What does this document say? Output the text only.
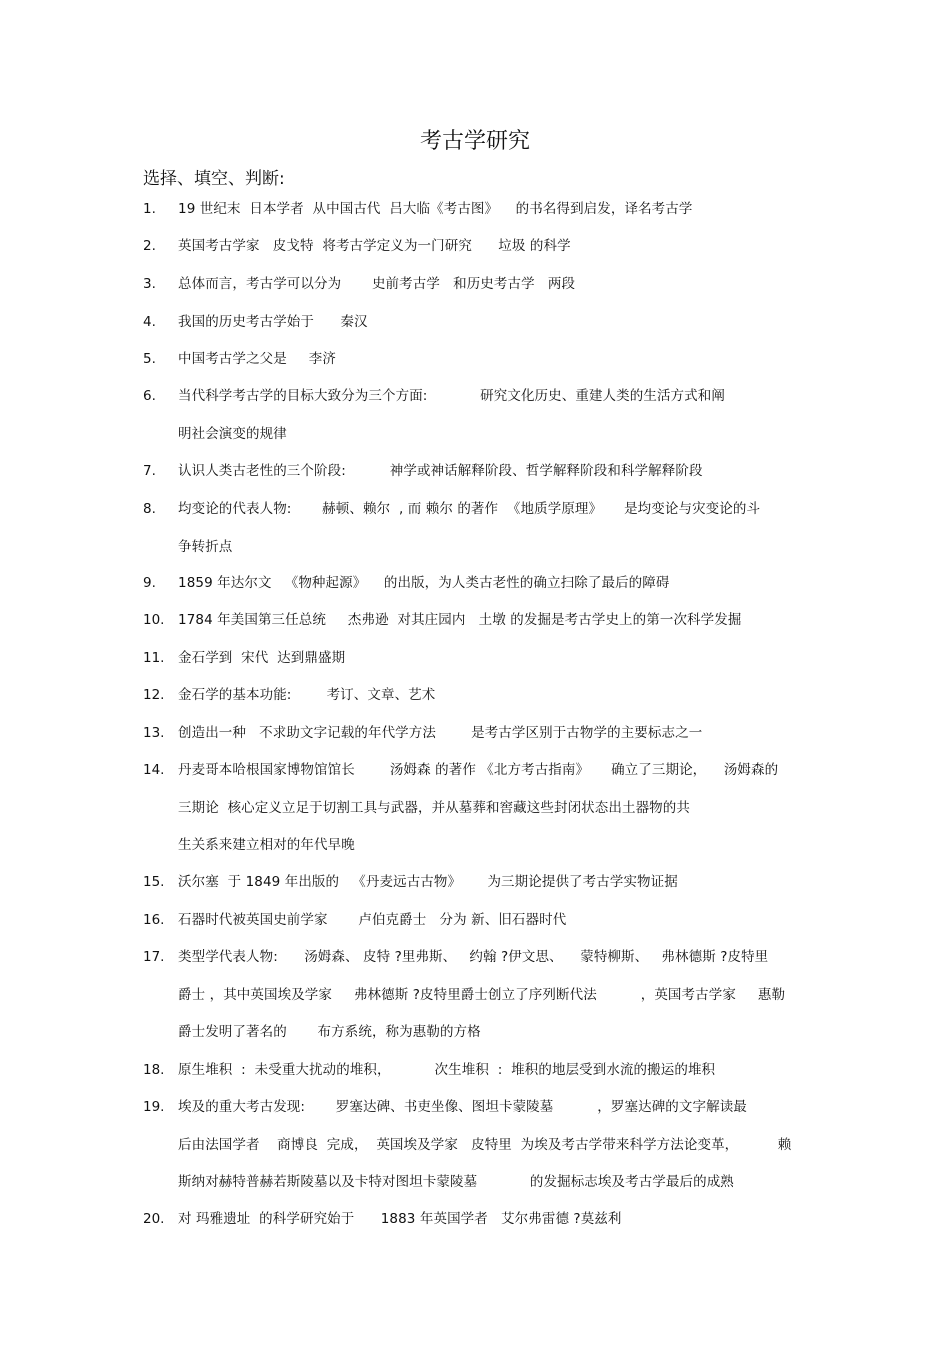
考古学研究
选择、填空、判断:
1.	19 世纪末  日本学者  从中国古代  吕大临《考古图》    的书名得到启发，译名考古学
2.	英国考古学家   皮戈特  将考古学定义为一门研究      垃圾 的科学
3.	总体而言，考古学可以分为       史前考古学   和历史考古学   两段
4.	我国的历史考古学始于      秦汉
5.	中国考古学之父是     李济
6.	当代科学考古学的目标大致分为三个方面:            研究文化历史、重建人类的生活方式和阐
明社会演变的规律
7.	认识人类古老性的三个阶段:          神学或神话解释阶段、哲学解释阶段和科学解释阶段
8.	均变论的代表人物:       赫顿、赖尔  , 而 赖尔 的著作  《地质学原理》     是均变论与灾变论的斗
争转折点
9.	1859 年达尔文   《物种起源》    的出版，为人类古老性的确立扫除了最后的障碍
10.	1784 年美国第三任总统     杰弗逊  对其庄园内   土墩 的发掘是考古学史上的第一次科学发掘
11.	金石学到  宋代  达到鼎盛期
12.	金石学的基本功能:        考订、文章、艺术
13.	创造出一种   不求助文字记载的年代学方法        是考古学区别于古物学的主要标志之一
14.	丹麦哥本哈根国家博物馆馆长        汤姆森 的著作 《北方考古指南》     确立了三期论，    汤姆森的
三期论  核心定义立足于切割工具与武器，并从墓葬和窖藏这些封闭状态出土器物的共
生关系来建立相对的年代早晚
15.	沃尔塞  于 1849 年出版的   《丹麦远古古物》      为三期论提供了考古学实物证据
16.	石器时代被英国史前学家       卢伯克爵士   分为 新、旧石器时代
17.	类型学代表人物:      汤姆森、 皮特 ?里弗斯、   约翰 ?伊文思、    蒙特柳斯、   弗林德斯 ?皮特里
爵士 ，其中英国埃及学家     弗林德斯 ?皮特里爵士创立了序列断代法          ，英国考古学家     惠勒
爵士发明了著名的       布方系统，称为惠勒的方格
18.	原生堆积  :  未受重大扰动的堆积，          次生堆积  :  堆积的地层受到水流的搬运的堆积
19.	埃及的重大考古发现:       罗塞达碑、书吏坐像、图坦卡蒙陵墓          ，罗塞达碑的文字解读最
后由法国学者    商博良  完成，  英国埃及学家   皮特里  为埃及考古学带来科学方法论变革，         赖
斯纳对赫特普赫若斯陵墓以及卡特对图坦卡蒙陵墓            的发掘标志埃及考古学最后的成熟
20.	对 玛雅遗址  的科学研究始于      1883 年英国学者   艾尔弗雷德 ?莫兹利
